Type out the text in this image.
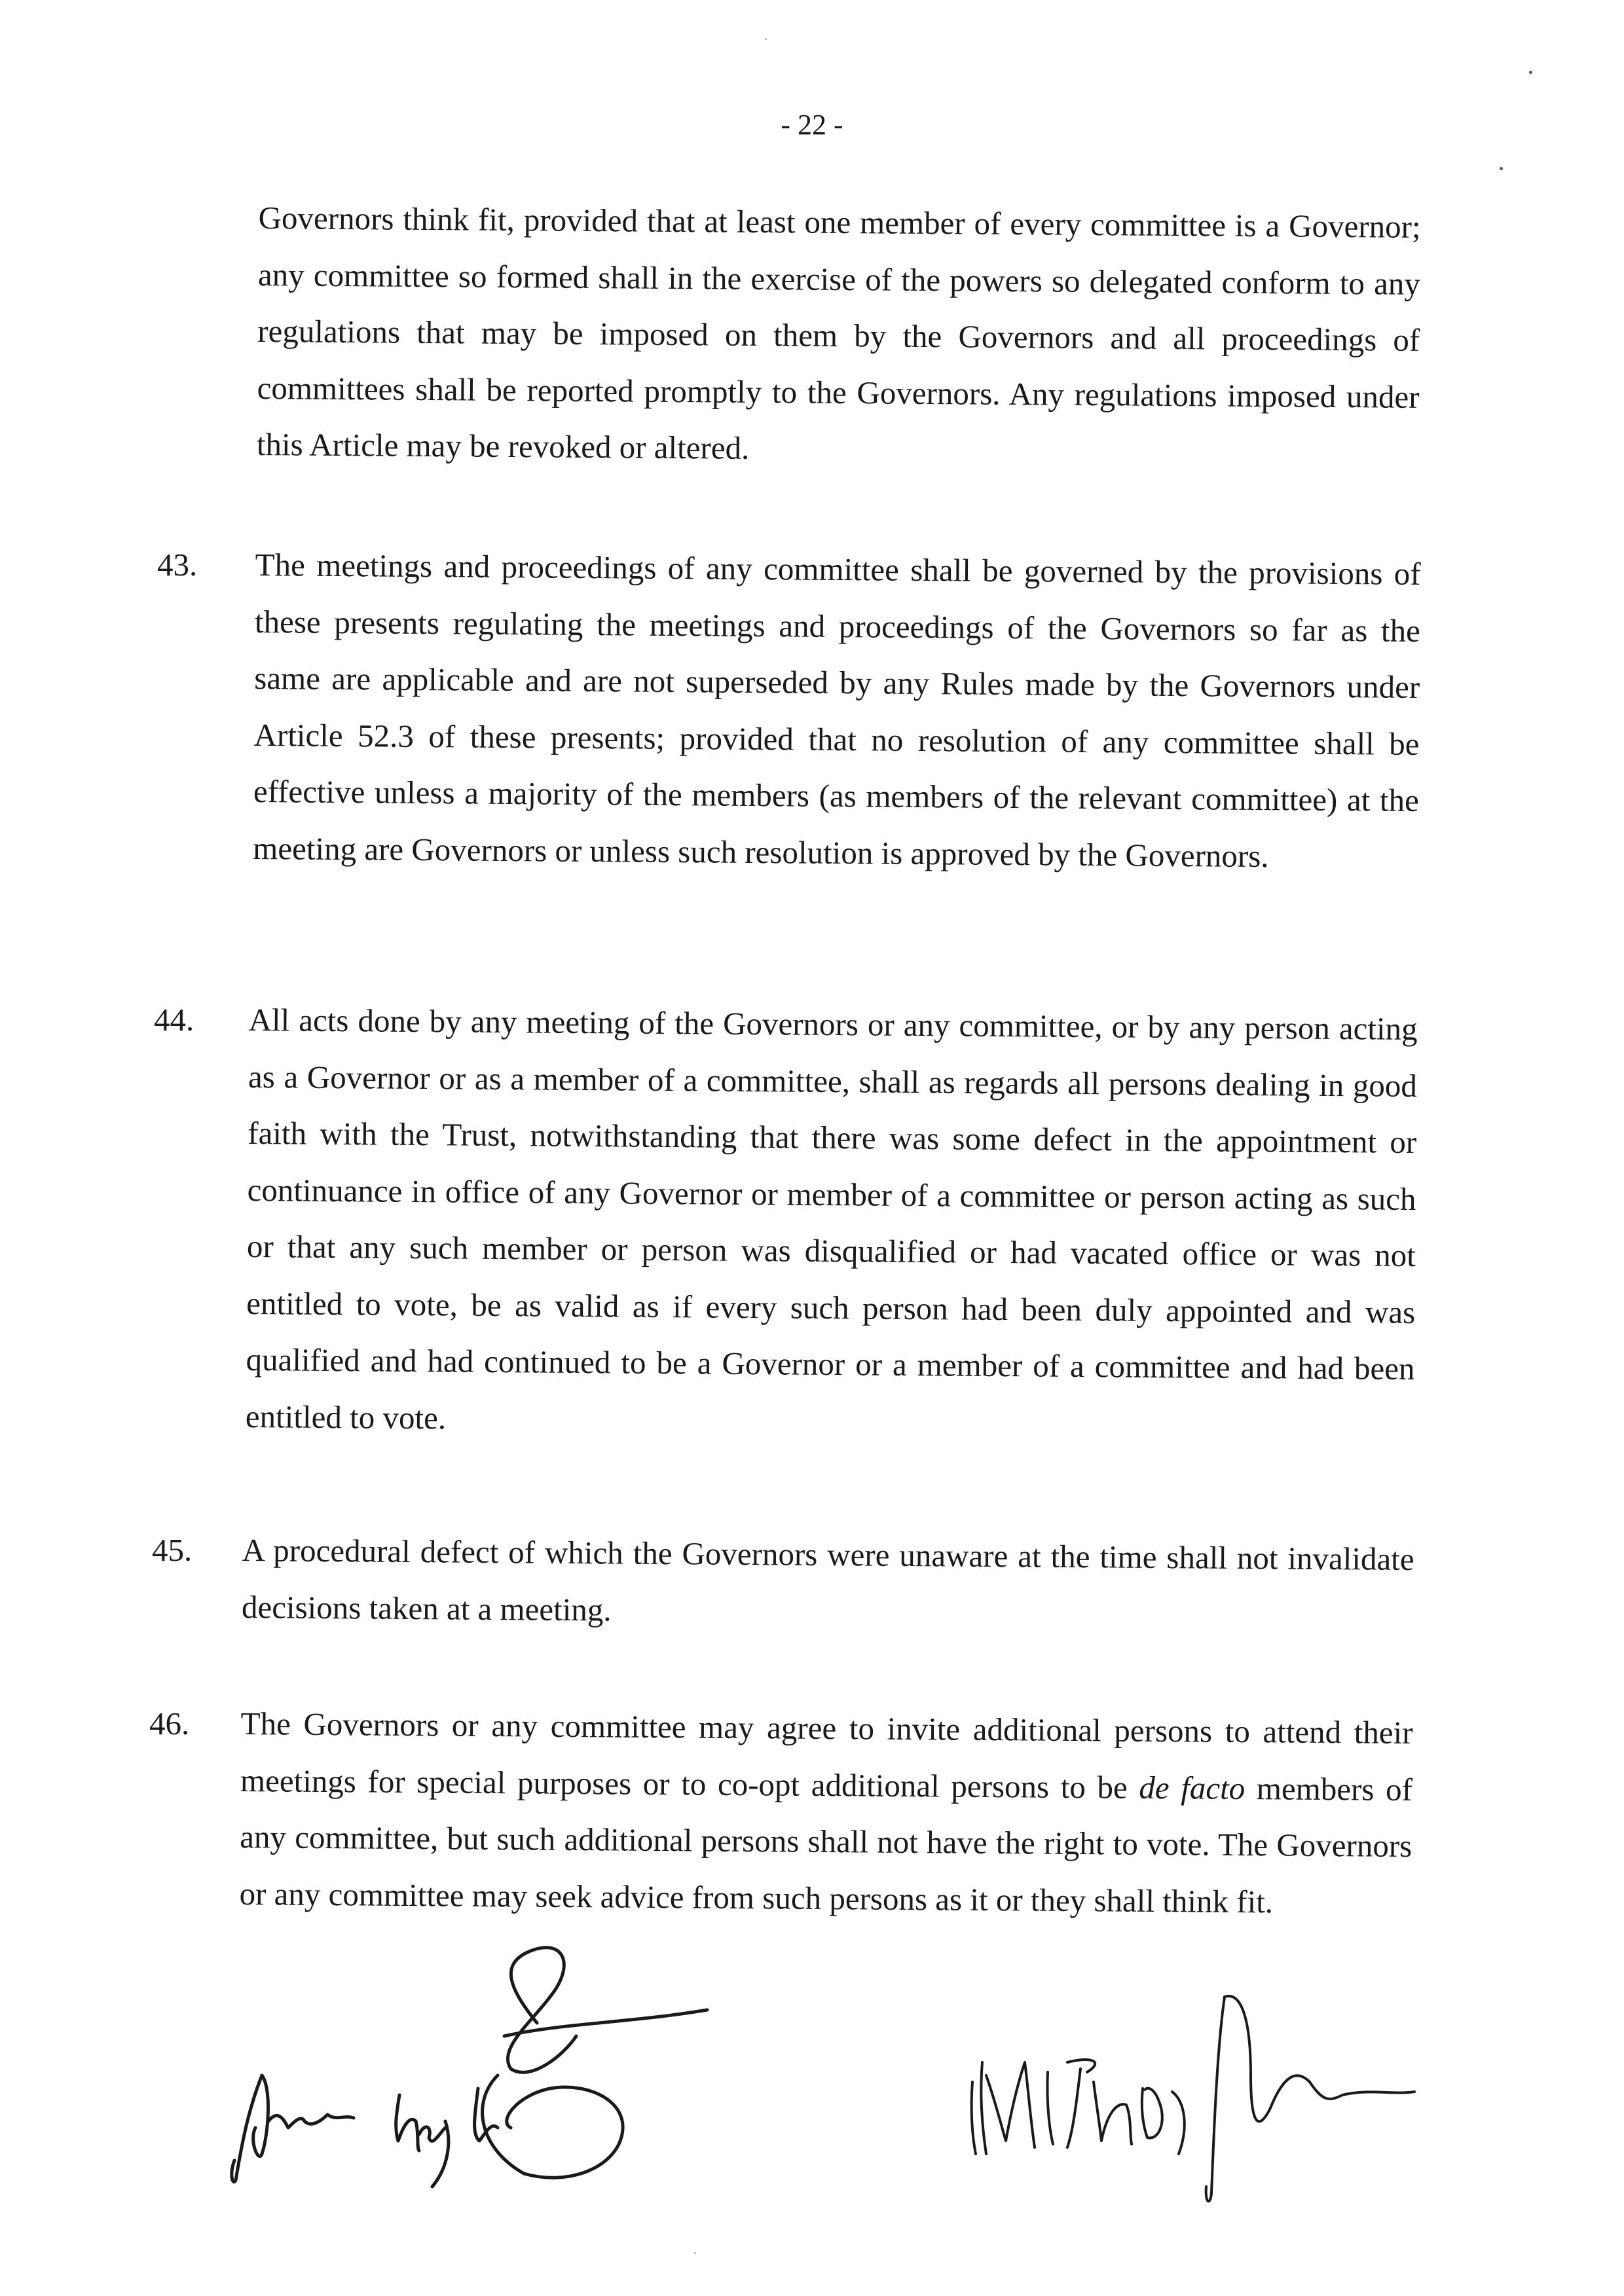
- 22 -
Governors think fit, provided that at least one member of every committee is a Governor; any committee so formed shall in the exercise of the powers so delegated conform to any regulations that may be imposed on them by the Governors and all proceedings of committees shall be reported promptly to the Governors. Any regulations imposed under this Article may be revoked or altered.
43. The meetings and proceedings of any committee shall be governed by the provisions of these presents regulating the meetings and proceedings of the Governors so far as the same are applicable and are not superseded by any Rules made by the Governors under Article 52.3 of these presents; provided that no resolution of any committee shall be effective unless a majority of the members (as members of the relevant committee) at the meeting are Governors or unless such resolution is approved by the Governors.
44. All acts done by any meeting of the Governors or any committee, or by any person acting as a Governor or as a member of a committee, shall as regards all persons dealing in good faith with the Trust, notwithstanding that there was some defect in the appointment or continuance in office of any Governor or member of a committee or person acting as such or that any such member or person was disqualified or had vacated office or was not entitled to vote, be as valid as if every such person had been duly appointed and was qualified and had continued to be a Governor or a member of a committee and had been entitled to vote.
45. A procedural defect of which the Governors were unaware at the time shall not invalidate decisions taken at a meeting.
46. The Governors or any committee may agree to invite additional persons to attend their meetings for special purposes or to co-opt additional persons to be de facto members of any committee, but such additional persons shall not have the right to vote. The Governors or any committee may seek advice from such persons as it or they shall think fit.
